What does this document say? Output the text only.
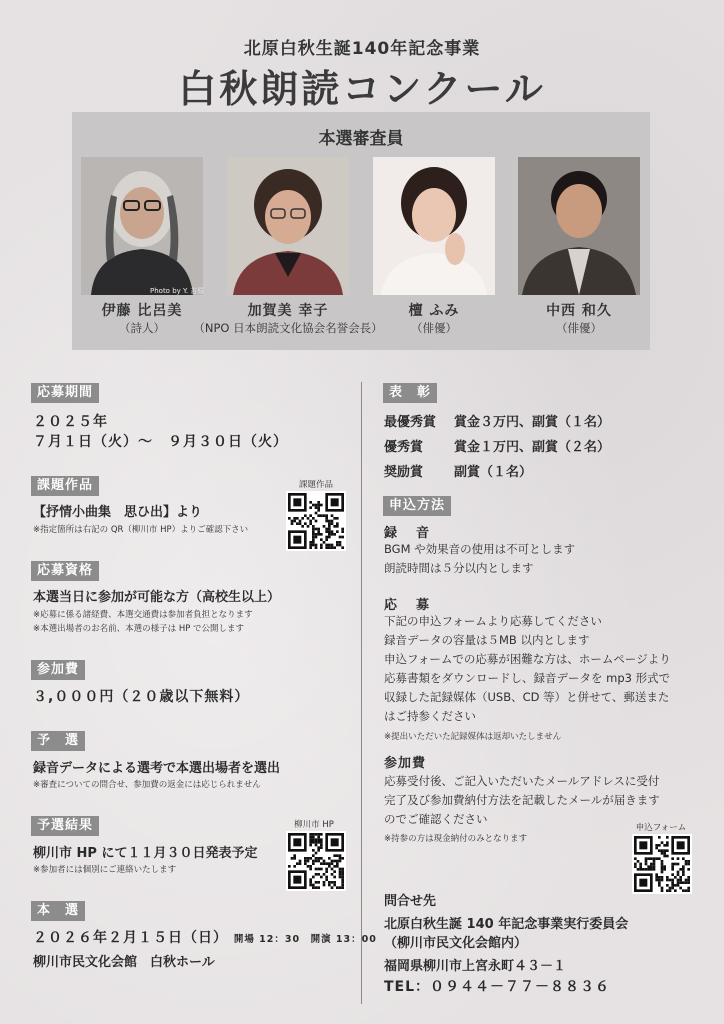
北原白秋生誕140年記念事業
白秋朗読コンクール
本選審査員
Photo by Y. 吉原
伊藤 比呂美
（詩人）
加賀美 幸子
（NPO 日本朗読文化協会名誉会長）
檀 ふみ
（俳優）
中西 和久
（俳優）
応募期間
２０２５年
７月１日（火）～　９月３０日（火）
課題作品
【抒情小曲集　思ひ出】より
※指定箇所は右記の QR（柳川市 HP）よりご確認下さい
課題作品
応募資格
本選当日に参加が可能な方（高校生以上）
※応募に係る諸経費、本選交通費は参加者負担となります
※本選出場者のお名前、本選の様子は HP で公開します
参加費
３,０００円（２０歳以下無料）
予　選
録音データによる選考で本選出場者を選出
※審査についての問合せ、参加費の返金には応じられません
予選結果
柳川市 HP にて１１月３０日発表予定
※参加者には個別にご連絡いたします
柳川市 HP
本　選
２０２６年２月１５日（日） 開場 12：30　開演 13：00
柳川市民文化会館　白秋ホール
表　彰
最優秀賞 賞金３万円、副賞（１名）
優秀賞 賞金１万円、副賞（２名）
奨励賞 副賞（１名）
申込方法
録　音
BGM や効果音の使用は不可とします
朗読時間は５分以内とします
応　募
下記の申込フォームより応募してください
録音データの容量は５MB 以内とします
申込フォームでの応募が困難な方は、ホームページより
応募書類をダウンロードし、録音データを mp3 形式で
収録した記録媒体（USB、CD 等）と併せて、郵送また
はご持参ください
※提出いただいた記録媒体は返却いたしません
参加費
応募受付後、ご記入いただいたメールアドレスに受付
完了及び参加費納付方法を記載したメールが届きます
のでご確認ください
※持参の方は現金納付のみとなります
申込フォーム
問合せ先
北原白秋生誕 140 年記念事業実行委員会
（柳川市民文化会館内）
福岡県柳川市上宮永町４３－１
TEL：０９４４－７７－８８３６
